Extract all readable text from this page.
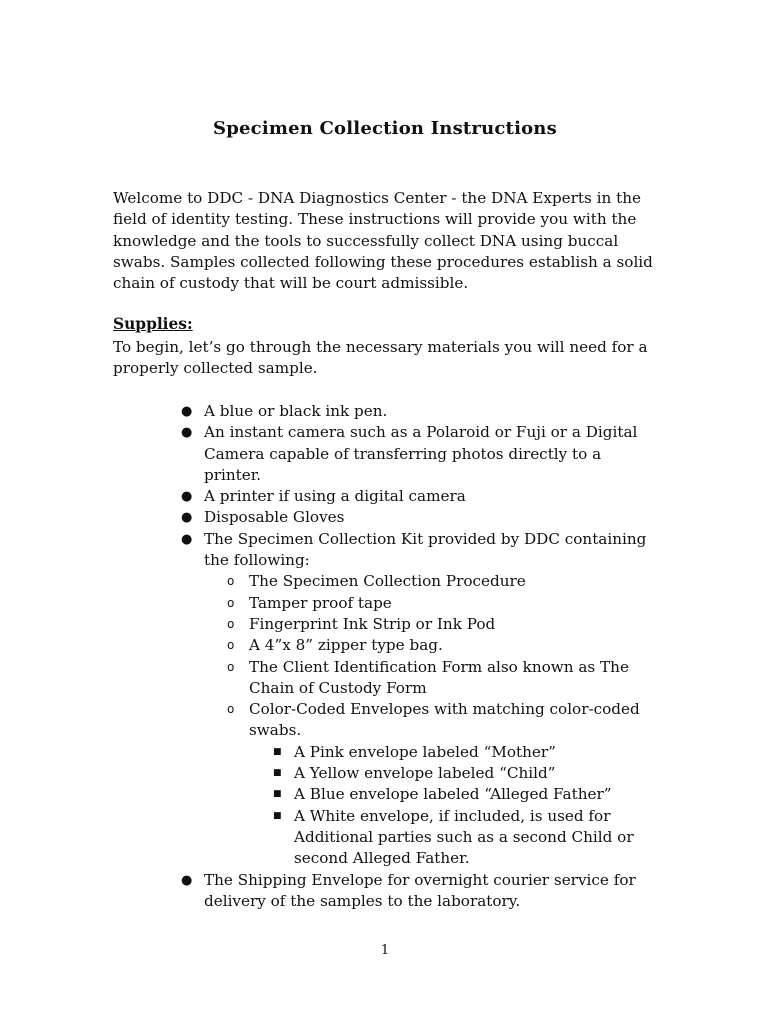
Specimen Collection Instructions

Welcome to DDC - DNA Diagnostics Center - the DNA Experts in the field of identity testing. These instructions will provide you with the knowledge and the tools to successfully collect DNA using buccal swabs. Samples collected following these procedures establish a solid chain of custody that will be court admissible.

Supplies:

To begin, let’s go through the necessary materials you will need for a properly collected sample.

● A blue or black ink pen.
● An instant camera such as a Polaroid or Fuji or a Digital Camera capable of transferring photos directly to a printer.
● A printer if using a digital camera
● Disposable Gloves
● The Specimen Collection Kit provided by DDC containing the following:
o The Specimen Collection Procedure
o Tamper proof tape
o Fingerprint Ink Strip or Ink Pod
o A 4”x 8” zipper type bag.
o The Client Identification Form also known as The Chain of Custody Form
o Color-Coded Envelopes with matching color-coded swabs.
■ A Pink envelope labeled “Mother”
■ A Yellow envelope labeled “Child”
■ A Blue envelope labeled “Alleged Father”
■ A White envelope, if included, is used for Additional parties such as a second Child or second Alleged Father.
● The Shipping Envelope for overnight courier service for delivery of the samples to the laboratory.
1
